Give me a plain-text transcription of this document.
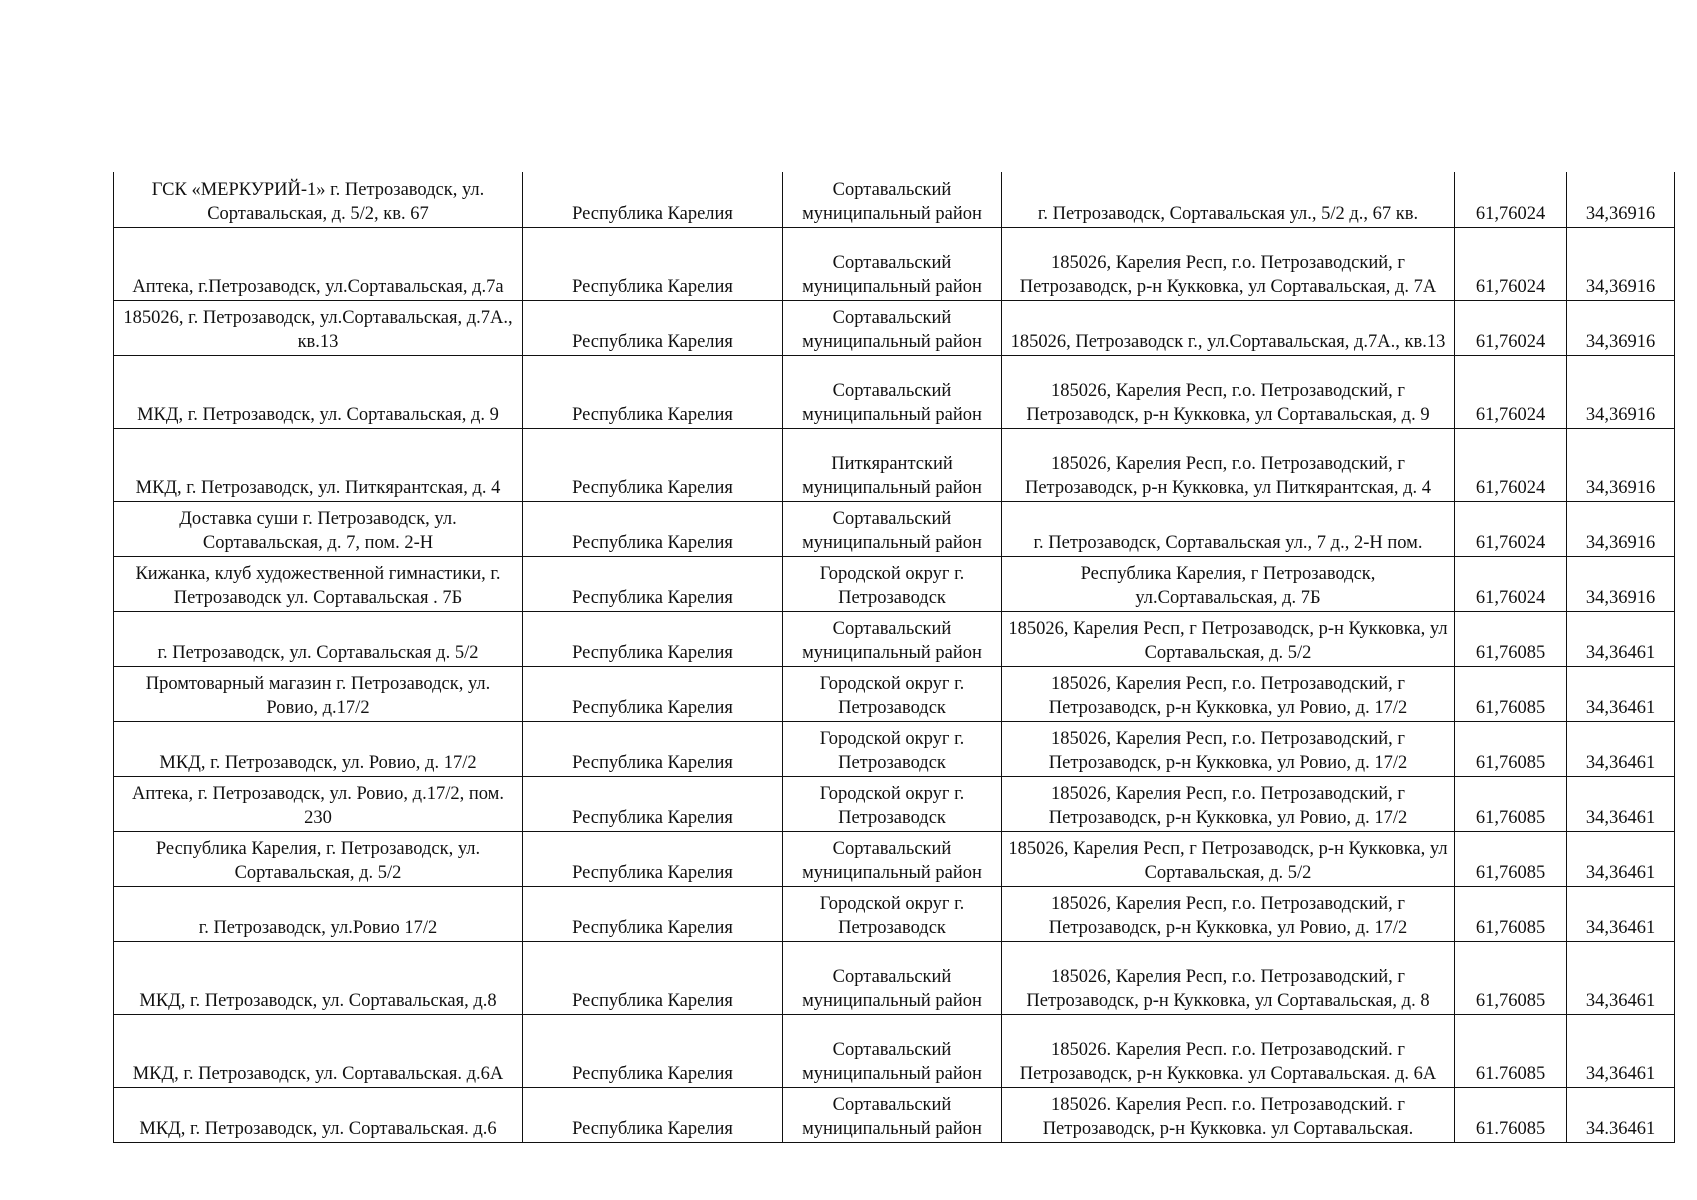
ГСК «МЕРКУРИЙ-1» г. Петрозаводск, ул. Сортавальская, д. 5/2, кв. 67	Республика Карелия	Сортавальский муниципальный район	г. Петрозаводск, Сортавальская ул., 5/2 д., 67 кв.	61,76024	34,36916
Аптека, г.Петрозаводск, ул.Сортавальская, д.7а	Республика Карелия	Сортавальский муниципальный район	185026, Карелия Респ, г.о. Петрозаводский, г Петрозаводск, р-н Кукковка, ул Сортавальская, д. 7А	61,76024	34,36916
185026, г. Петрозаводск, ул.Сортавальская, д.7А., кв.13	Республика Карелия	Сортавальский муниципальный район	185026, Петрозаводск г., ул.Сортавальская, д.7А., кв.13	61,76024	34,36916
МКД, г. Петрозаводск, ул. Сортавальская, д. 9	Республика Карелия	Сортавальский муниципальный район	185026, Карелия Респ, г.о. Петрозаводский, г Петрозаводск, р-н Кукковка, ул Сортавальская, д. 9	61,76024	34,36916
МКД, г. Петрозаводск, ул. Питкярантская, д. 4	Республика Карелия	Питкярантский муниципальный район	185026, Карелия Респ, г.о. Петрозаводский, г Петрозаводск, р-н Кукковка, ул Питкярантская, д. 4	61,76024	34,36916
Доставка суши г. Петрозаводск, ул. Сортавальская, д. 7, пом. 2-Н	Республика Карелия	Сортавальский муниципальный район	г. Петрозаводск, Сортавальская ул., 7 д., 2-Н пом.	61,76024	34,36916
Кижанка, клуб художественной гимнастики, г. Петрозаводск ул. Сортавальская . 7Б	Республика Карелия	Городской округ г. Петрозаводск	Республика Карелия, г Петрозаводск, ул.Сортавальская, д. 7Б	61,76024	34,36916
г. Петрозаводск, ул. Сортавальская д. 5/2	Республика Карелия	Сортавальский муниципальный район	185026, Карелия Респ, г Петрозаводск, р-н Кукковка, ул Сортавальская, д. 5/2	61,76085	34,36461
Промтоварный магазин г. Петрозаводск, ул. Ровио, д.17/2	Республика Карелия	Городской округ г. Петрозаводск	185026, Карелия Респ, г.о. Петрозаводский, г Петрозаводск, р-н Кукковка, ул Ровио, д. 17/2	61,76085	34,36461
МКД, г. Петрозаводск, ул. Ровио, д. 17/2	Республика Карелия	Городской округ г. Петрозаводск	185026, Карелия Респ, г.о. Петрозаводский, г Петрозаводск, р-н Кукковка, ул Ровио, д. 17/2	61,76085	34,36461
Аптека, г. Петрозаводск, ул. Ровио, д.17/2, пом. 230	Республика Карелия	Городской округ г. Петрозаводск	185026, Карелия Респ, г.о. Петрозаводский, г Петрозаводск, р-н Кукковка, ул Ровио, д. 17/2	61,76085	34,36461
Республика Карелия, г. Петрозаводск, ул. Сортавальская, д. 5/2	Республика Карелия	Сортавальский муниципальный район	185026, Карелия Респ, г Петрозаводск, р-н Кукковка, ул Сортавальская, д. 5/2	61,76085	34,36461
г. Петрозаводск, ул.Ровио 17/2	Республика Карелия	Городской округ г. Петрозаводск	185026, Карелия Респ, г.о. Петрозаводский, г Петрозаводск, р-н Кукковка, ул Ровио, д. 17/2	61,76085	34,36461
МКД, г. Петрозаводск, ул. Сортавальская, д.8	Республика Карелия	Сортавальский муниципальный район	185026, Карелия Респ, г.о. Петрозаводский, г Петрозаводск, р-н Кукковка, ул Сортавальская, д. 8	61,76085	34,36461
МКД, г. Петрозаводск, ул. Сортавальская. д.6А	Республика Карелия	Сортавальский муниципальный район	185026. Карелия Респ. г.о. Петрозаводский. г Петрозаводск, р-н Кукковка. ул Сортавальская. д. 6А	61.76085	34,36461

МКД, г. Петрозаводск, ул. Сортавальская. д.6	Республика Карелия	Сортавальский муниципальный район	185026. Карелия Респ. г.о. Петрозаводский. г Петрозаводск, р-н Кукковка. ул Сортавальская.	61.76085	34.36461
